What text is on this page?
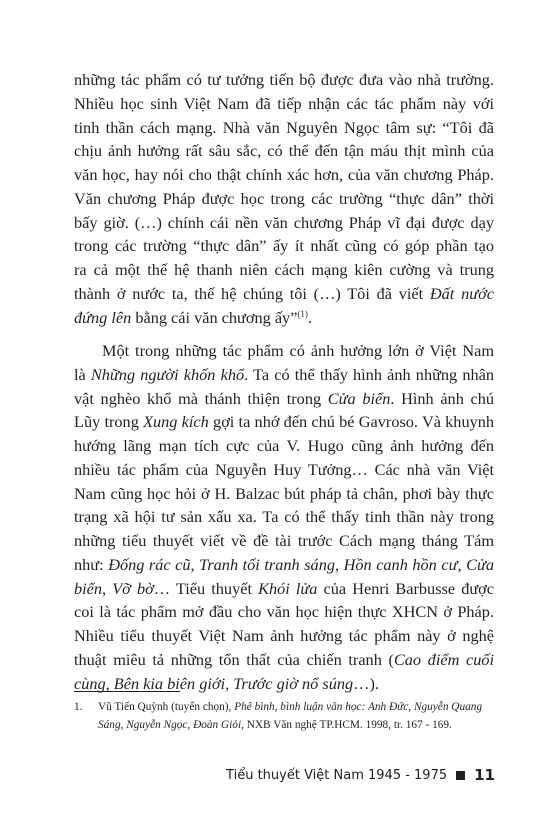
những tác phẩm có tư tưởng tiến bộ được đưa vào nhà trường.
Nhiều học sinh Việt Nam đã tiếp nhận các tác phẩm này với
tinh thần cách mạng. Nhà văn Nguyên Ngọc tâm sự: “Tôi đã
chịu ảnh hưởng rất sâu sắc, có thể đến tận máu thịt mình của
văn học, hay nói cho thật chính xác hơn, của văn chương Pháp.
Văn chương Pháp được học trong các trường “thực dân” thời
bấy giờ. (…) chính cái nền văn chương Pháp vĩ đại được dạy
trong các trường “thực dân” ấy ít nhất cũng có góp phần tạo
ra cả một thế hệ thanh niên cách mạng kiên cường và trung
thành ở nước ta, thế hệ chúng tôi (…) Tôi đã viết Đất nước
đứng lên bằng cái văn chương ấy”$^{(1)}$.

Một trong những tác phẩm có ảnh hưởng lớn ở Việt Nam
là Những người khốn khổ. Ta có thể thấy hình ảnh những nhân
vật nghèo khổ mà thánh thiện trong Cửa biển. Hình ảnh chú
Lũy trong Xung kích gợi ta nhớ đến chú bé Gavroso. Và khuynh
hướng lãng mạn tích cực của V. Hugo cũng ảnh hưởng đến
nhiều tác phẩm của Nguyễn Huy Tưởng… Các nhà văn Việt
Nam cũng học hỏi ở H. Balzac bút pháp tả chân, phơi bày thực
trạng xã hội tư sản xấu xa. Ta có thể thấy tinh thần này trong
những tiểu thuyết viết về đề tài trước Cách mạng tháng Tám
như: Đống rác cũ, Tranh tối tranh sáng, Hồn canh hồn cư, Cửa
biển, Vỡ bờ… Tiểu thuyết Khói lửa của Henri Barbusse được
coi là tác phẩm mở đầu cho văn học hiện thực XHCN ở Pháp.
Nhiều tiểu thuyết Việt Nam ảnh hưởng tác phẩm này ở nghệ
thuật miêu tả những tổn thất của chiến tranh (Cao điểm cuối
cùng, Bên kia biên giới, Trước giờ nổ súng…).

1. Vũ Tiến Quỳnh (tuyển chọn), Phê bình, bình luận văn học: Anh Đức, Nguyễn Quang
Sáng, Nguyễn Ngọc, Đoàn Giỏi, NXB Văn nghệ TP.HCM. 1998, tr. 167 - 169.
Tiểu thuyết Việt Nam 1945 - 1975 11
